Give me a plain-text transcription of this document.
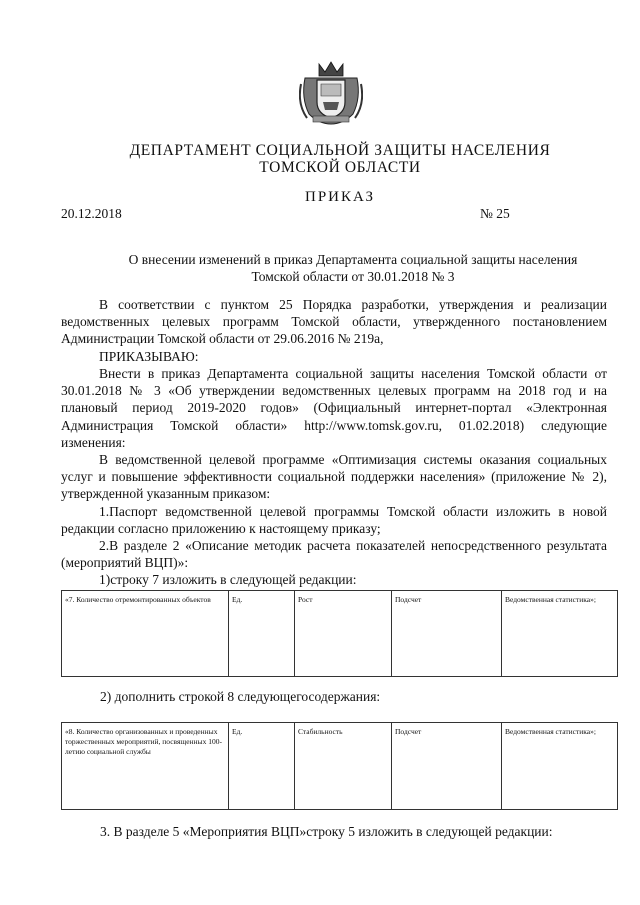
ДЕПАРТАМЕНТ СОЦИАЛЬНОЙ ЗАЩИТЫ НАСЕЛЕНИЯ
ТОМСКОЙ ОБЛАСТИ
ПРИКАЗ
20.12.2018	№ 25
О внесении изменений в приказ Департамента социальной защиты населения
Томской области от 30.01.2018 № 3
В соответствии с пунктом 25 Порядка разработки, утверждения и реализации
ведомственных целевых программ Томской области, утвержденного постановлением
Администрации Томской области от 29.06.2016 № 219а,
ПРИКАЗЫВАЮ:
Внести в приказ Департамента социальной защиты населения Томской области от
30.01.2018 № 3 «Об утверждении ведомственных целевых программ на 2018 год и на
плановый период 2019-2020 годов» (Официальный интернет-портал «Электронная
Администрация Томской области» http://www.tomsk.gov.ru, 01.02.2018) следующие
изменения:
В ведомственной целевой программе «Оптимизация системы оказания социальных
услуг и повышение эффективности социальной поддержки населения» (приложение № 2),
утвержденной указанным приказом:
1.Паспорт ведомственной целевой программы Томской области изложить в новой
редакции согласно приложению к настоящему приказу;
2.В разделе 2 «Описание методик расчета показателей непосредственного результата
(мероприятий ВЦП)»:
1)строку 7 изложить в следующей редакции:
«7. Количество отремонтированных объектов	Ед.	Рост	Подсчет	Ведомственная статистика»;
2) дополнить строкой 8 следующегосодержания:
«8. Количество организованных и проведенных торжественных мероприятий, посвященных 100-летию социальной службы	Ед.	Стабильность	Подсчет	Ведомственная статистика»;
3. В разделе 5 «Мероприятия ВЦП»строку 5 изложить в следующей редакции:
